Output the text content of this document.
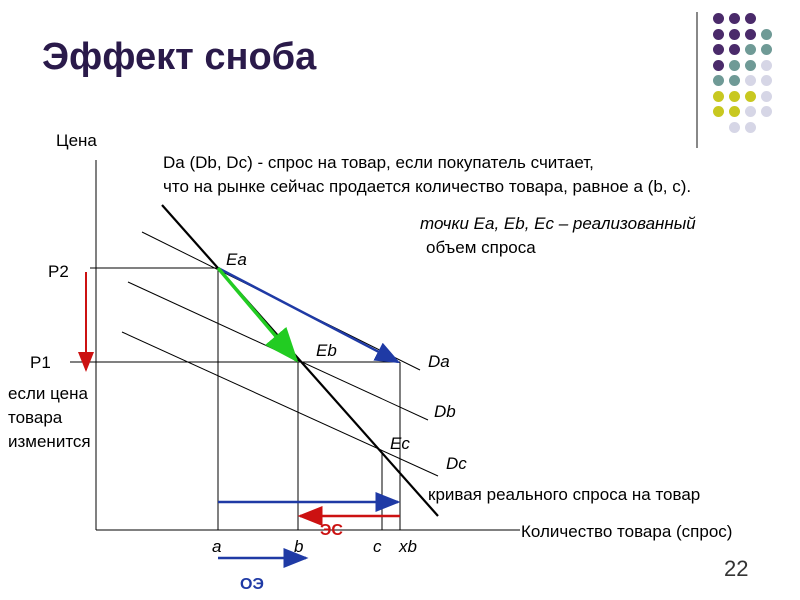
Эффект сноба
Цена
Количество товара (спрос)
Da (Db, Dc) - спрос на товар, если покупатель считает,
что на рынке сейчас продается количество товара, равное a (b, c).
точки Ea, Eb, Ec – реализованный
объем спроса
P2
P1
если цена
товара
изменится
Ea
Eb
Ec
Da
Db
Dc
кривая реального спроса на товар
a	b	c xb
ЭС
ОЭ
22
